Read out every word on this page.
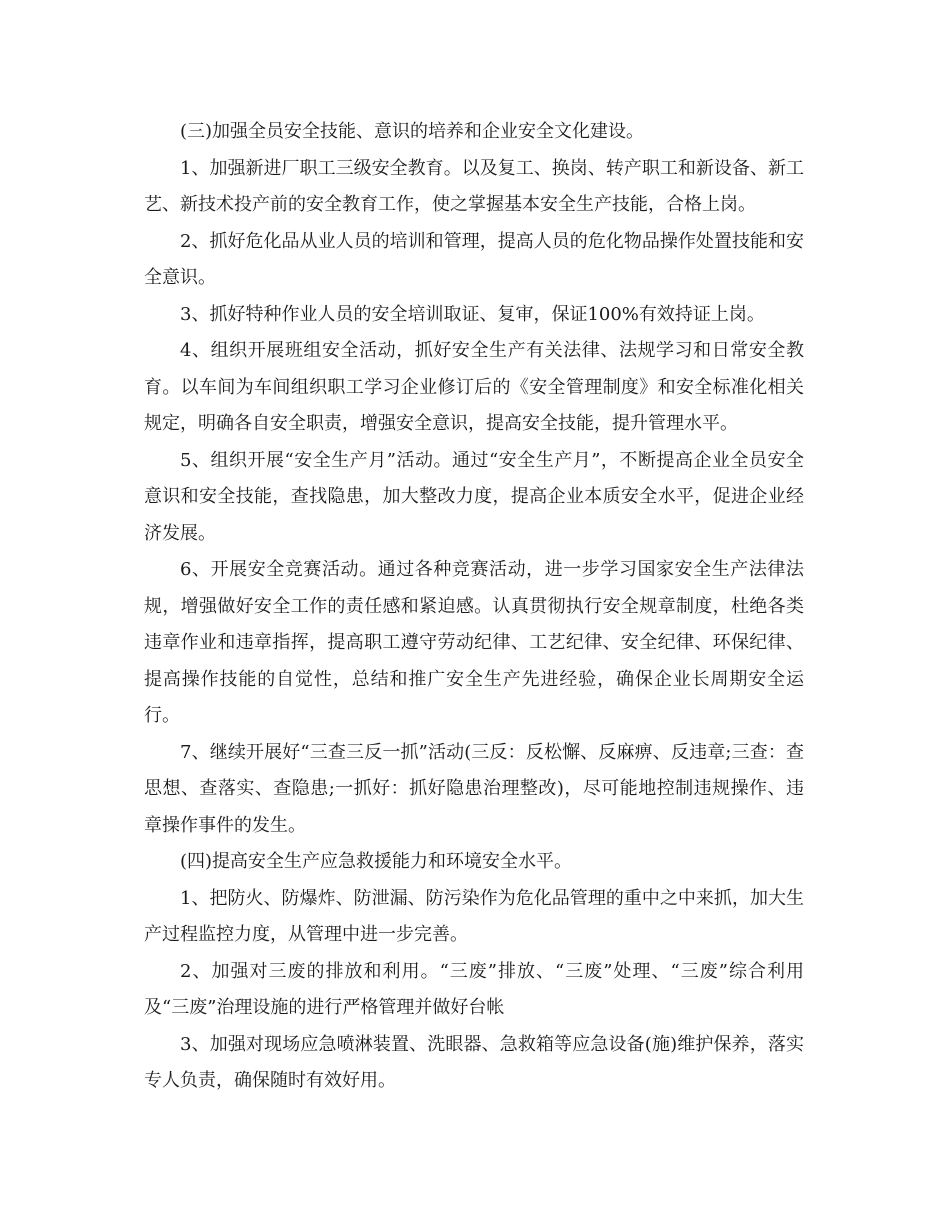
(三)加强全员安全技能、意识的培养和企业安全文化建设。

1、加强新进厂职工三级安全教育。以及复工、换岗、转产职工和新设备、新工艺、新技术投产前的安全教育工作，使之掌握基本安全生产技能，合格上岗。

2、抓好危化品从业人员的培训和管理，提高人员的危化物品操作处置技能和安全意识。

3、抓好特种作业人员的安全培训取证、复审，保证100%有效持证上岗。

4、组织开展班组安全活动，抓好安全生产有关法律、法规学习和日常安全教育。以车间为车间组织职工学习企业修订后的《安全管理制度》和安全标准化相关规定，明确各自安全职责，增强安全意识，提高安全技能，提升管理水平。

5、组织开展“安全生产月”活动。通过“安全生产月”，不断提高企业全员安全意识和安全技能，查找隐患，加大整改力度，提高企业本质安全水平，促进企业经济发展。

6、开展安全竞赛活动。通过各种竞赛活动，进一步学习国家安全生产法律法规，增强做好安全工作的责任感和紧迫感。认真贯彻执行安全规章制度，杜绝各类违章作业和违章指挥，提高职工遵守劳动纪律、工艺纪律、安全纪律、环保纪律、提高操作技能的自觉性，总结和推广安全生产先进经验，确保企业长周期安全运行。

7、继续开展好“三查三反一抓”活动(三反：反松懈、反麻痹、反违章;三查：查思想、查落实、查隐患;一抓好：抓好隐患治理整改)，尽可能地控制违规操作、违章操作事件的发生。

(四)提高安全生产应急救援能力和环境安全水平。

1、把防火、防爆炸、防泄漏、防污染作为危化品管理的重中之中来抓，加大生产过程监控力度，从管理中进一步完善。

2、加强对三废的排放和利用。“三废”排放、“三废”处理、“三废”综合利用及“三废”治理设施的进行严格管理并做好台帐

3、加强对现场应急喷淋装置、洗眼器、急救箱等应急设备(施)维护保养，落实专人负责，确保随时有效好用。
